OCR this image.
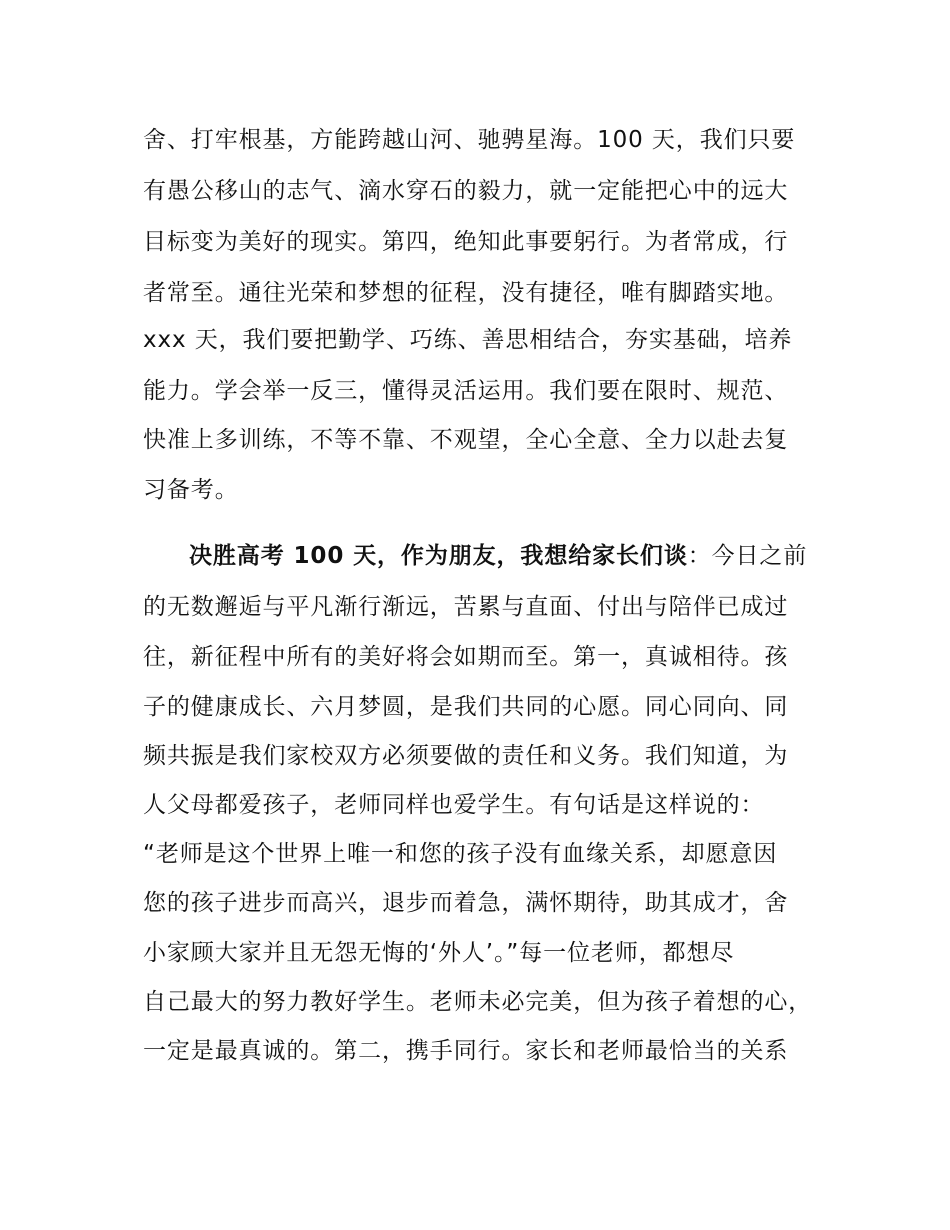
舍、打牢根基，方能跨越山河、驰骋星海。100 天，我们只要
有愚公移山的志气、滴水穿石的毅力，就一定能把心中的远大
目标变为美好的现实。第四，绝知此事要躬行。为者常成，行
者常至。通往光荣和梦想的征程，没有捷径，唯有脚踏实地。
xxx 天，我们要把勤学、巧练、善思相结合，夯实基础，培养
能力。学会举一反三，懂得灵活运用。我们要在限时、规范、
快准上多训练，不等不靠、不观望，全心全意、全力以赴去复
习备考。
决胜高考 100 天，作为朋友，我想给家长们谈：今日之前
的无数邂逅与平凡渐行渐远，苦累与直面、付出与陪伴已成过
往，新征程中所有的美好将会如期而至。第一，真诚相待。孩
子的健康成长、六月梦圆，是我们共同的心愿。同心同向、同
频共振是我们家校双方必须要做的责任和义务。我们知道，为
人父母都爱孩子，老师同样也爱学生。有句话是这样说的：
“老师是这个世界上唯一和您的孩子没有血缘关系，却愿意因
您的孩子进步而高兴，退步而着急，满怀期待，助其成才，舍
小家顾大家并且无怨无悔的‘外人’。”每一位老师，都想尽
自己最大的努力教好学生。老师未必完美，但为孩子着想的心，
一定是最真诚的。第二，携手同行。家长和老师最恰当的关系
